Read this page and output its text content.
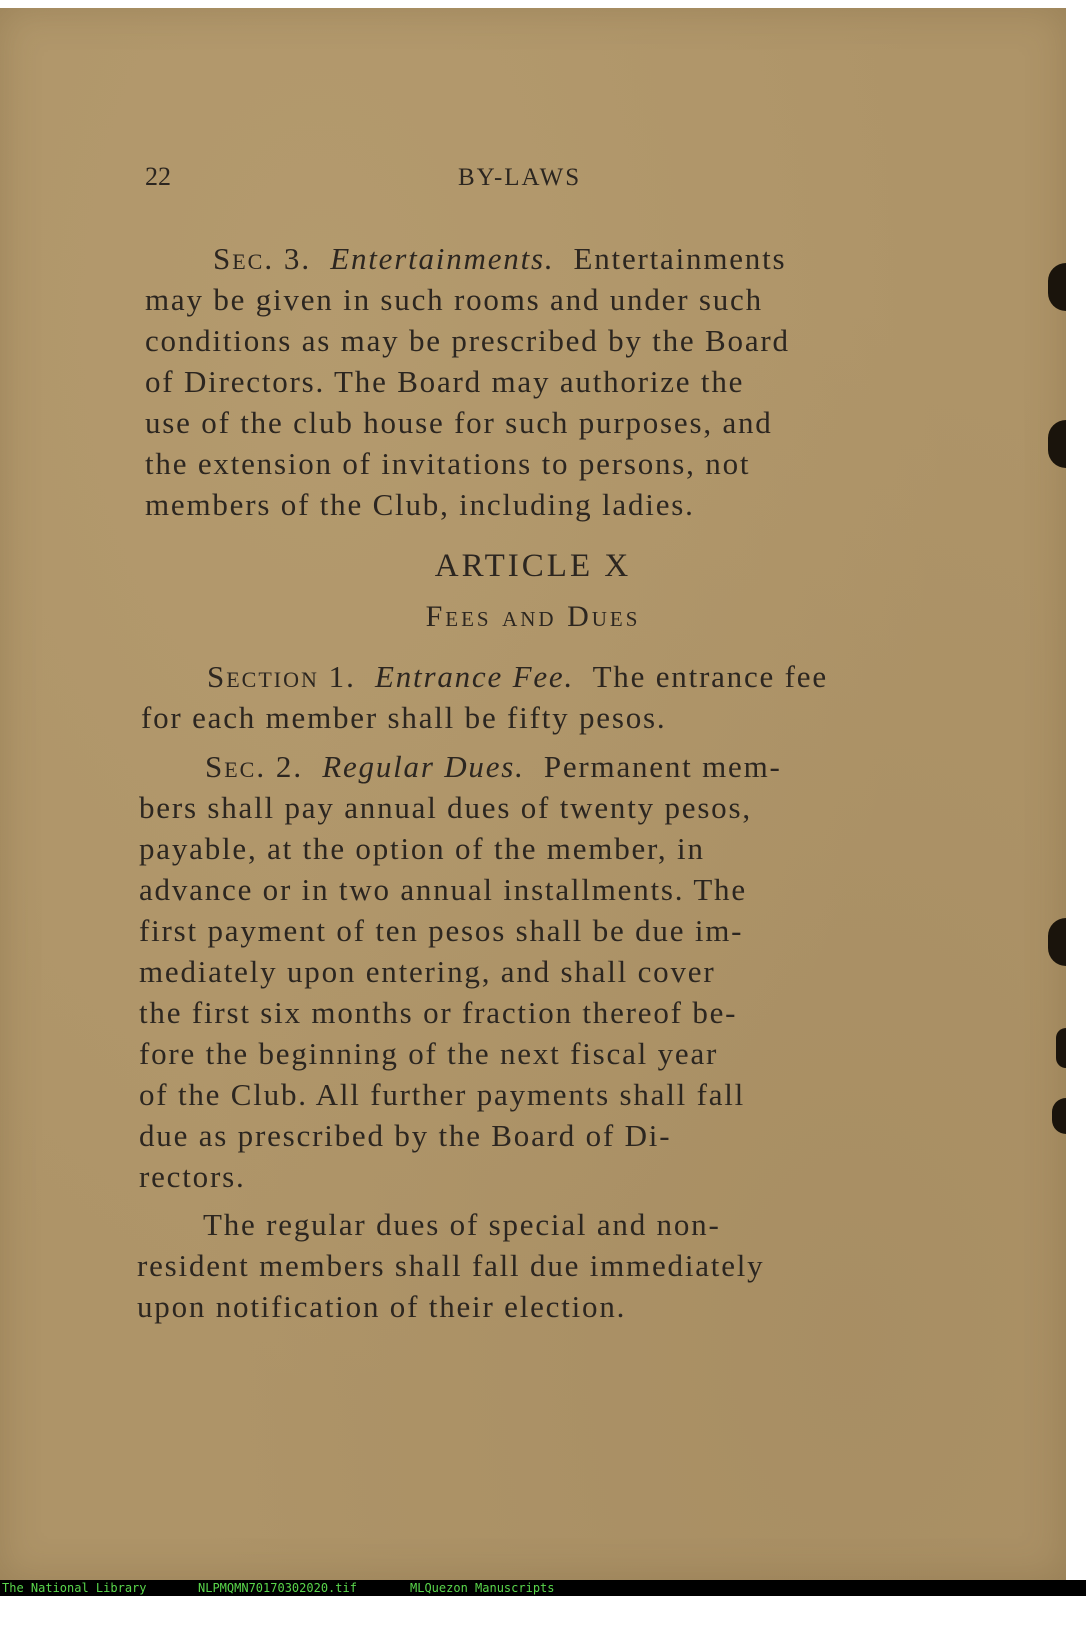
22	BY-LAWS

Sec. 3. Entertainments. Entertainments

may be given in such rooms and under such

conditions as may be prescribed by the Board

of Directors. The Board may authorize the

use of the club house for such purposes, and

the extension of invitations to persons, not

members of the Club, including ladies.

ARTICLE X
Fees and Dues

Section 1. Entrance Fee. The entrance fee

for each member shall be fifty pesos.

Sec. 2. Regular Dues. Permanent mem-

bers shall pay annual dues of twenty pesos,

payable, at the option of the member, in

advance or in two annual installments. The

first payment of ten pesos shall be due im-

mediately upon entering, and shall cover

the first six months or fraction thereof be-

fore the beginning of the next fiscal year

of the Club. All further payments shall fall

due as prescribed by the Board of Di-

rectors.

The regular dues of special and non-

resident members shall fall due immediately

upon notification of their election.

The National Library

	NLPMQMN70170302020.tif

	MLQuezon Manuscripts
